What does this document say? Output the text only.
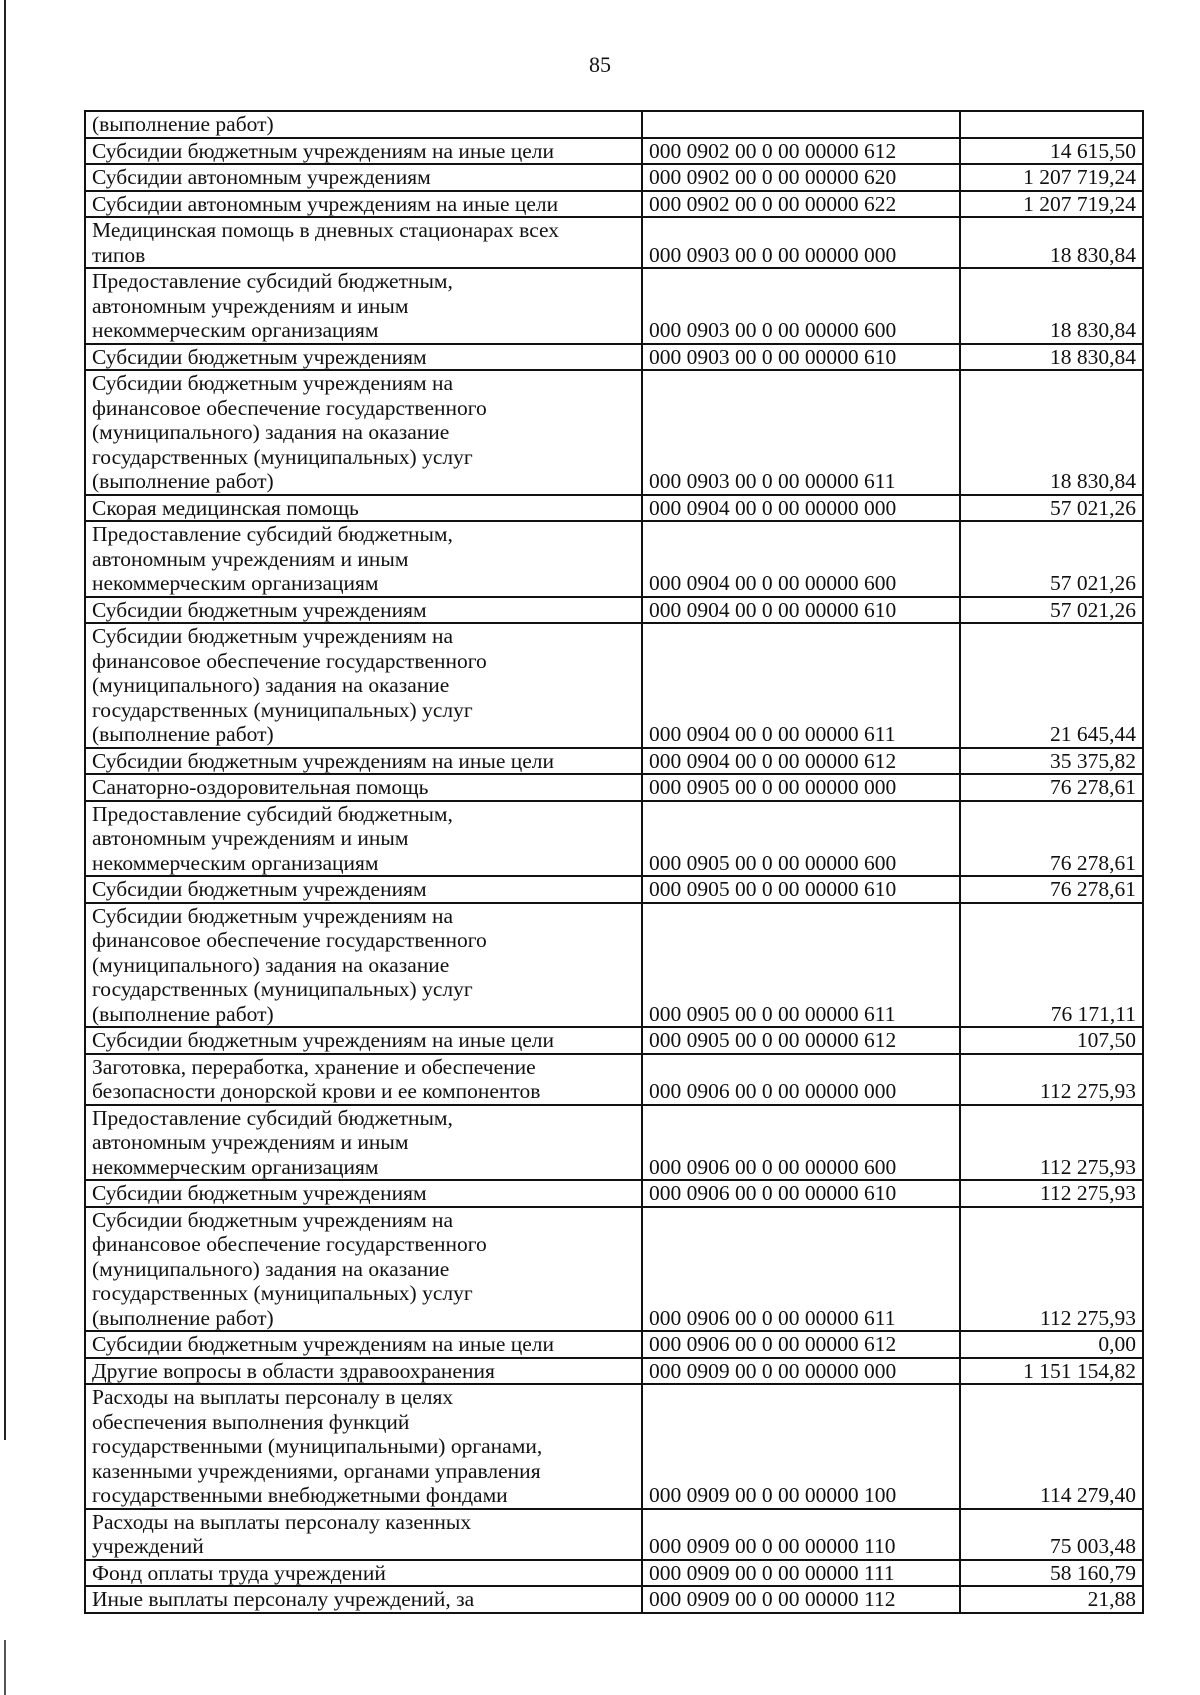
85
(выполнение работ)		
Субсидии бюджетным учреждениям на иные цели	000 0902 00 0 00 00000 612	14 615,50
Субсидии автономным учреждениям	000 0902 00 0 00 00000 620	1 207 719,24
Субсидии автономным учреждениям на иные цели	000 0902 00 0 00 00000 622	1 207 719,24
Медицинская помощь в дневных стационарах всех
типов	000 0903 00 0 00 00000 000	18 830,84
Предоставление субсидий бюджетным,
автономным учреждениям и иным
некоммерческим организациям	000 0903 00 0 00 00000 600	18 830,84
Субсидии бюджетным учреждениям	000 0903 00 0 00 00000 610	18 830,84
Субсидии бюджетным учреждениям на
финансовое обеспечение государственного
(муниципального) задания на оказание
государственных (муниципальных) услуг
(выполнение работ)	000 0903 00 0 00 00000 611	18 830,84
Скорая медицинская помощь	000 0904 00 0 00 00000 000	57 021,26
Предоставление субсидий бюджетным,
автономным учреждениям и иным
некоммерческим организациям	000 0904 00 0 00 00000 600	57 021,26
Субсидии бюджетным учреждениям	000 0904 00 0 00 00000 610	57 021,26
Субсидии бюджетным учреждениям на
финансовое обеспечение государственного
(муниципального) задания на оказание
государственных (муниципальных) услуг
(выполнение работ)	000 0904 00 0 00 00000 611	21 645,44
Субсидии бюджетным учреждениям на иные цели	000 0904 00 0 00 00000 612	35 375,82
Санаторно-оздоровительная помощь	000 0905 00 0 00 00000 000	76 278,61
Предоставление субсидий бюджетным,
автономным учреждениям и иным
некоммерческим организациям	000 0905 00 0 00 00000 600	76 278,61
Субсидии бюджетным учреждениям	000 0905 00 0 00 00000 610	76 278,61
Субсидии бюджетным учреждениям на
финансовое обеспечение государственного
(муниципального) задания на оказание
государственных (муниципальных) услуг
(выполнение работ)	000 0905 00 0 00 00000 611	76 171,11
Субсидии бюджетным учреждениям на иные цели	000 0905 00 0 00 00000 612	107,50
Заготовка, переработка, хранение и обеспечение
безопасности донорской крови и ее компонентов	000 0906 00 0 00 00000 000	112 275,93
Предоставление субсидий бюджетным,
автономным учреждениям и иным
некоммерческим организациям	000 0906 00 0 00 00000 600	112 275,93
Субсидии бюджетным учреждениям	000 0906 00 0 00 00000 610	112 275,93
Субсидии бюджетным учреждениям на
финансовое обеспечение государственного
(муниципального) задания на оказание
государственных (муниципальных) услуг
(выполнение работ)	000 0906 00 0 00 00000 611	112 275,93
Субсидии бюджетным учреждениям на иные цели	000 0906 00 0 00 00000 612	0,00
Другие вопросы в области здравоохранения	000 0909 00 0 00 00000 000	1 151 154,82
Расходы на выплаты персоналу в целях
обеспечения выполнения функций
государственными (муниципальными) органами,
казенными учреждениями, органами управления
государственными внебюджетными фондами	000 0909 00 0 00 00000 100	114 279,40
Расходы на выплаты персоналу казенных
учреждений	000 0909 00 0 00 00000 110	75 003,48
Фонд оплаты труда учреждений	000 0909 00 0 00 00000 111	58 160,79
Иные выплаты персоналу учреждений, за	000 0909 00 0 00 00000 112	21,88
